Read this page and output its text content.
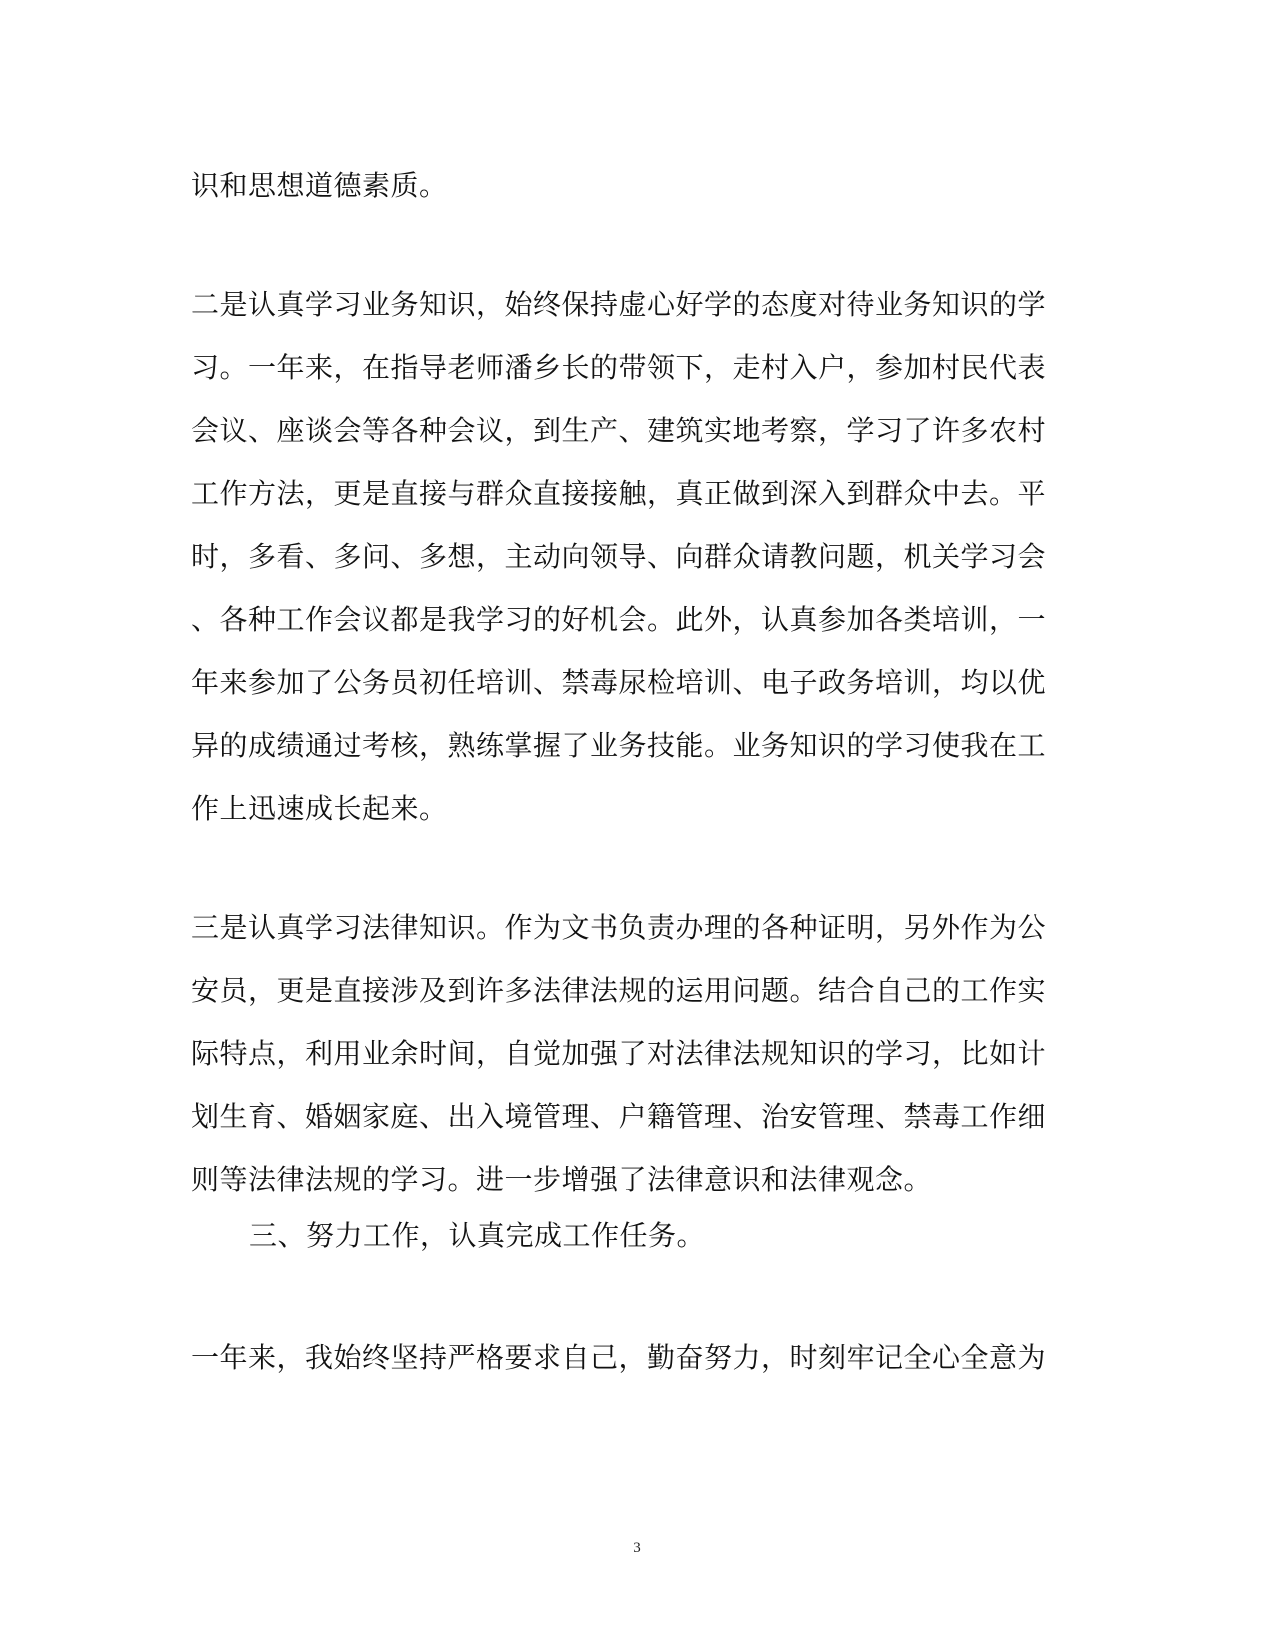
识和思想道德素质。
二是认真学习业务知识，始终保持虚心好学的态度对待业务知识的学
习。一年来，在指导老师潘乡长的带领下，走村入户，参加村民代表
会议、座谈会等各种会议，到生产、建筑实地考察，学习了许多农村
工作方法，更是直接与群众直接接触，真正做到深入到群众中去。平
时，多看、多问、多想，主动向领导、向群众请教问题，机关学习会
、各种工作会议都是我学习的好机会。此外，认真参加各类培训，一
年来参加了公务员初任培训、禁毒尿检培训、电子政务培训，均以优
异的成绩通过考核，熟练掌握了业务技能。业务知识的学习使我在工
作上迅速成长起来。
三是认真学习法律知识。作为文书负责办理的各种证明，另外作为公
安员，更是直接涉及到许多法律法规的运用问题。结合自己的工作实
际特点，利用业余时间，自觉加强了对法律法规知识的学习，比如计
划生育、婚姻家庭、出入境管理、户籍管理、治安管理、禁毒工作细
则等法律法规的学习。进一步增强了法律意识和法律观念。
三、努力工作，认真完成工作任务。
一年来，我始终坚持严格要求自己，勤奋努力，时刻牢记全心全意为
3
